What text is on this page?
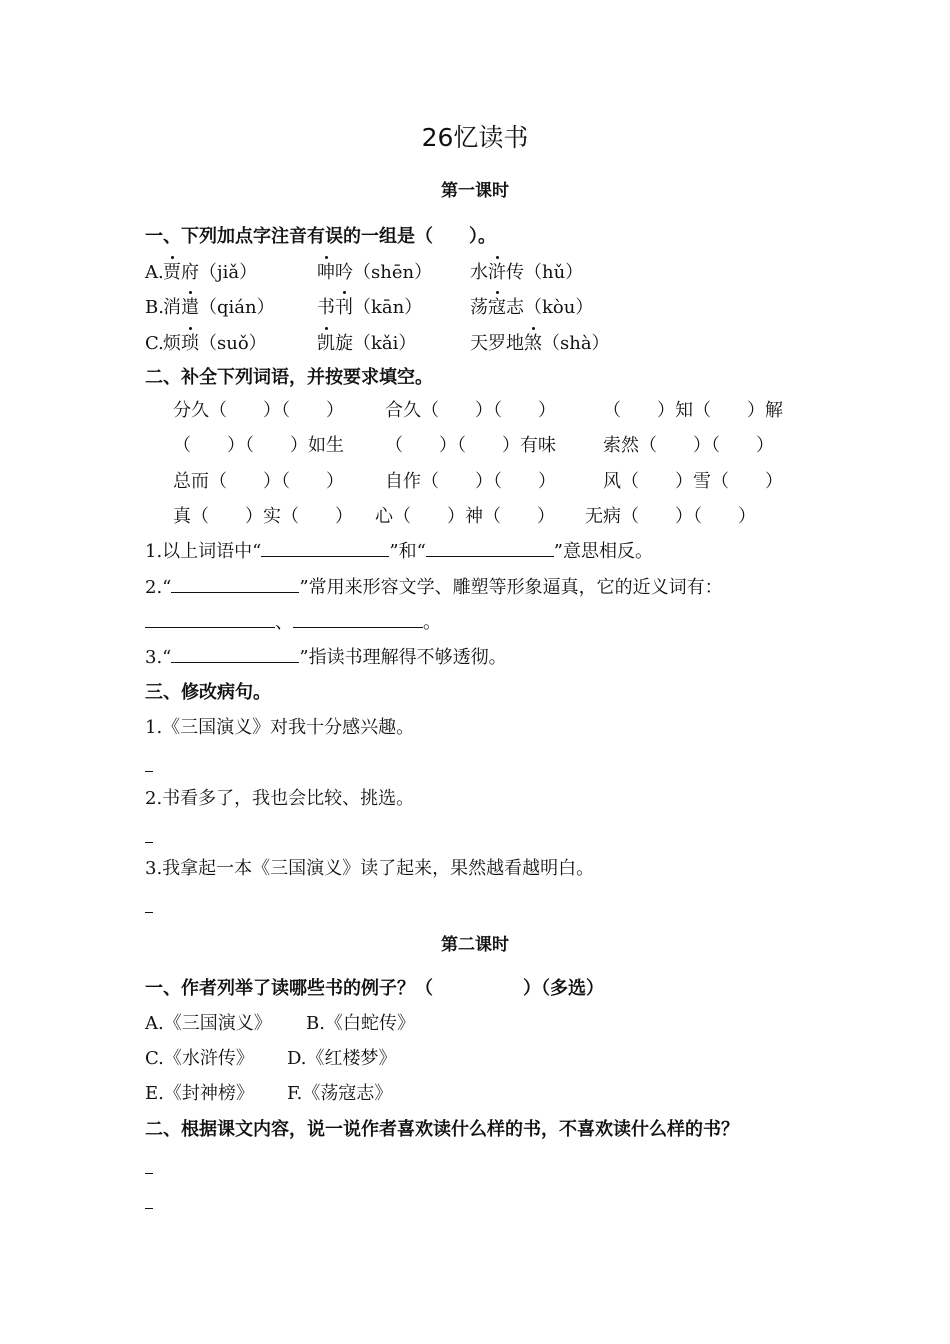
26忆读书
第一课时
一、下列加点字注音有误的一组是（　　）。
A. 贾府（jiǎ）	呻吟（shēn） 水浒传（hǔ）
B. 消遣（qián） 书刊（kān）	荡寇志（kòu）
C. 烦琐（suǒ）	凯旋（kǎi）	天罗地煞（shà）
二、补全下列词语，并按要求填空。
分久（　　）（　　） 合久（　　）（　　）	（　　）知（　　）解
（　　）（　　）如生 （　　）（　　）有味	索然（　　）（　　）
总而（　　）（　　） 自作（　　）（　　）	风（　　）雪（　　）
真（　　）实（　　） 心（　　）神（　　） 无病（　　）（　　）
1.以上词语中“	”和“	”意思相反。
2.“	”常用来形容文学、雕塑等形象逼真，它的近义词有：
、	。
3.“	”指读书理解得不够透彻。
三、修改病句。
1.《三国演义》对我十分感兴趣。
2.书看多了，我也会比较、挑选。
3.我拿起一本《三国演义》读了起来，果然越看越明白。
第二课时
一、作者列举了读哪些书的例子？（　　　　　）（多选）
A.《三国演义》 B.《白蛇传》
C.《水浒传》 D.《红楼梦》
E.《封神榜》 F.《荡寇志》
二、根据课文内容，说一说作者喜欢读什么样的书，不喜欢读什么样的书？
